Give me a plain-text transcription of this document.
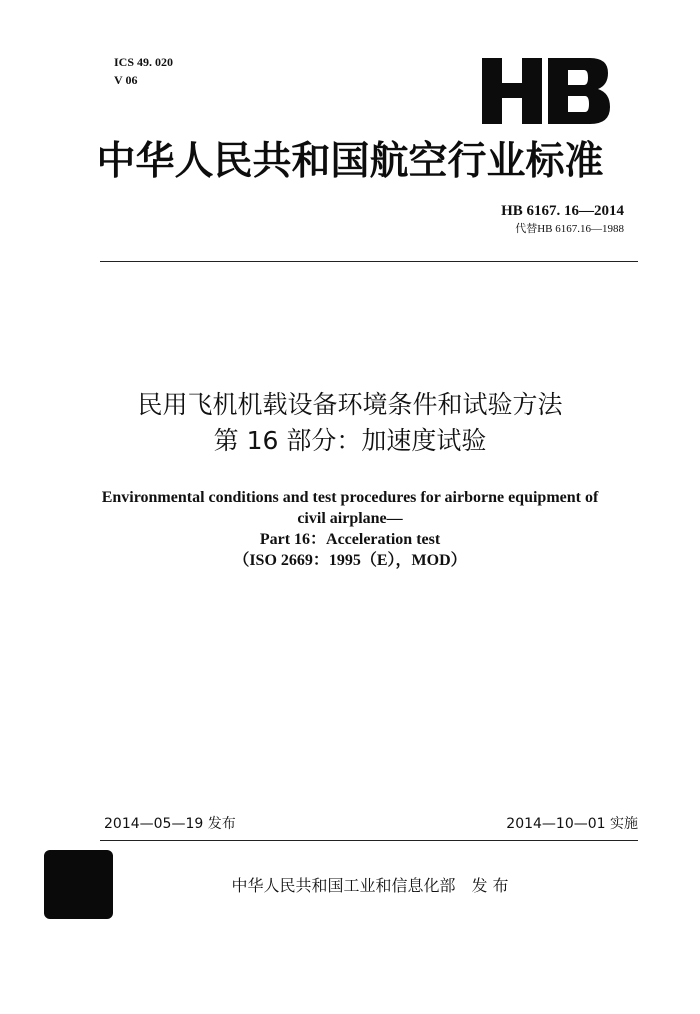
ICS 49. 020
V 06
中华人民共和国航空行业标准
HB 6167. 16—2014
代替HB 6167.16—1988
民用飞机机载设备环境条件和试验方法
第 16 部分：加速度试验
Environmental conditions and test procedures for airborne equipment of
civil airplane—
Part 16：Acceleration test
（ISO 2669：1995（E），MOD）
2014—05—19 发布	2014—10—01 实施
中华人民共和国工业和信息化部 发 布
